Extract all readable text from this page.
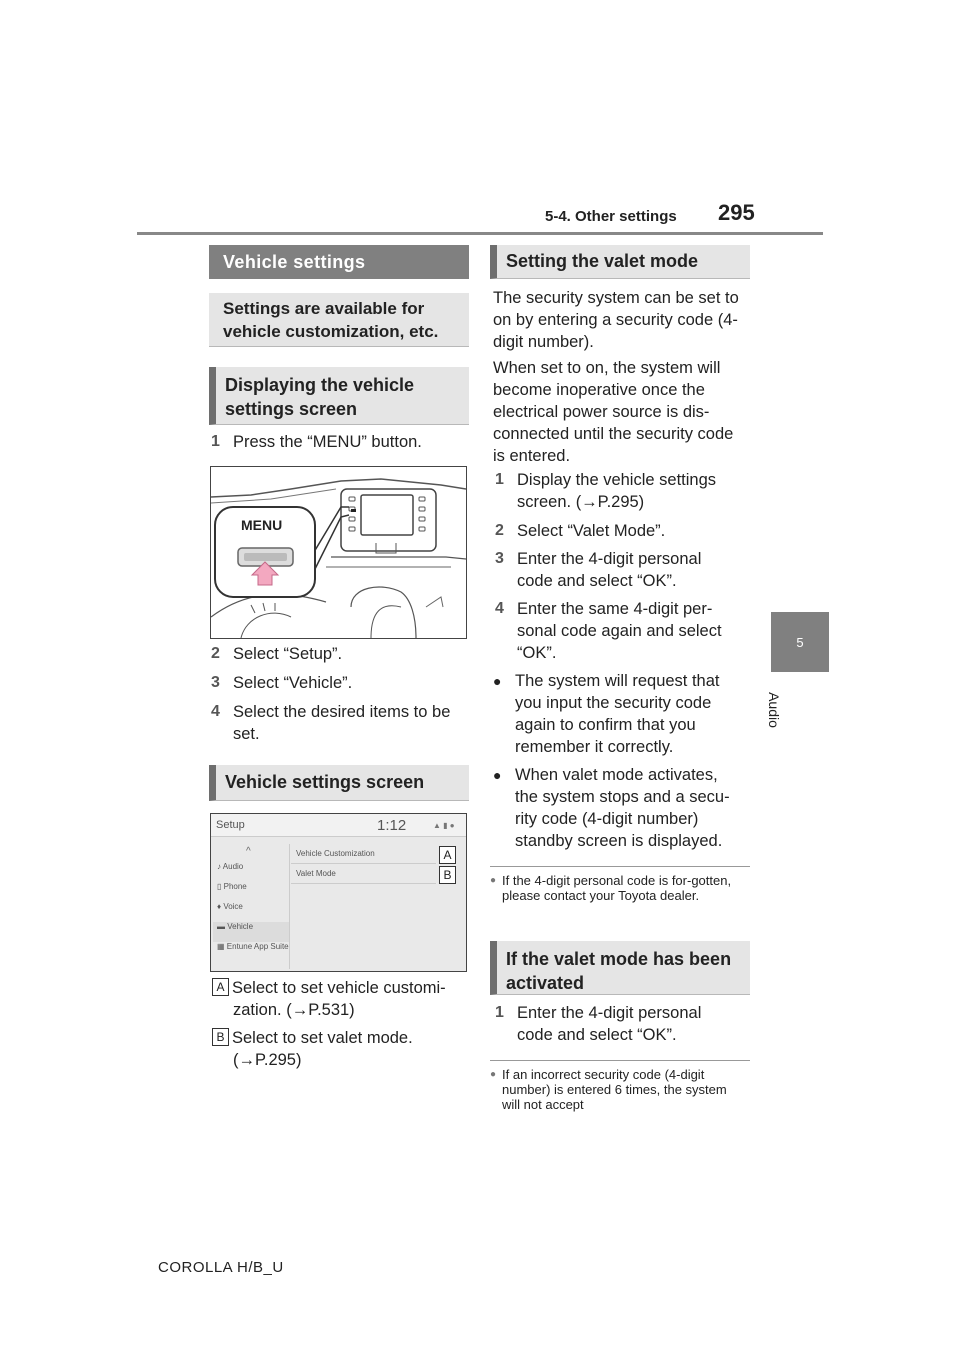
5-4. Other settings 295
5
Audio
Vehicle settings
Settings are available for vehicle customization, etc.
Displaying the vehicle settings screen
1 Press the “MENU” button.
MENU
2 Select “Setup”.
3 Select “Vehicle”.
4 Select the desired items to be set.
Vehicle settings screen
Setup	1:12	▲ ▮ ●
^
♪ Audio
▯ Phone
♦ Voice
▬ Vehicle
▦ Entune App Suite
Vehicle Customization
Valet Mode
A
B
A Select to set vehicle customi-
zation. (→P.531)
B Select to set valet mode.
(→P.295)
Setting the valet mode
The security system can be set to on by entering a security code (4-digit number).
When set to on, the system will become inoperative once the electrical power source is dis-connected until the security code is entered.
1 Display the vehicle settings screen. (→P.295)
2 Select “Valet Mode”.
3 Enter the 4-digit personal code and select “OK”.
4 Enter the same 4-digit per-sonal code again and select “OK”.
● The system will request that you input the security code again to confirm that you remember it correctly.
● When valet mode activates, the system stops and a secu-rity code (4-digit number) standby screen is displayed.
● If the 4-digit personal code is for-gotten, please contact your Toyota dealer.
If the valet mode has been activated
1 Enter the 4-digit personal code and select “OK”.
● If an incorrect security code (4-digit number) is entered 6 times, the system will not accept
COROLLA H/B_U
